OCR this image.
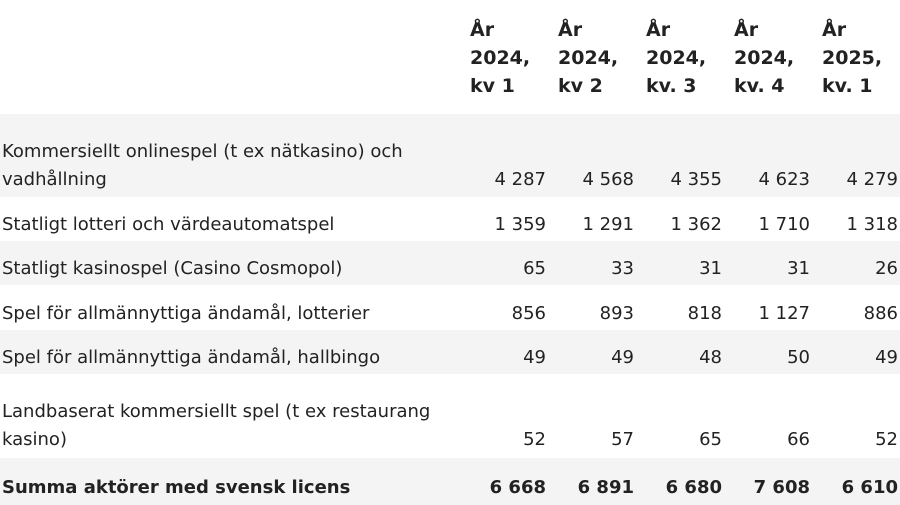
	År
2024,
kv 1	År
2024,
kv 2	År
2024,
kv. 3	År
2024,
kv. 4	År
2025,
kv. 1
Kommersiellt onlinespel (t ex nätkasino) och vadhållning	4 287	4 568	4 355	4 623	4 279
Statligt lotteri och värdeautomatspel	1 359	1 291	1 362	1 710	1 318
Statligt kasinospel (Casino Cosmopol)	65	33	31	31	26
Spel för allmännyttiga ändamål, lotterier	856	893	818	1 127	886
Spel för allmännyttiga ändamål, hallbingo	49	49	48	50	49
Landbaserat kommersiellt spel (t ex restaurang kasino)	52	57	65	66	52
Summa aktörer med svensk licens	6 668	6 891	6 680	7 608	6 610
